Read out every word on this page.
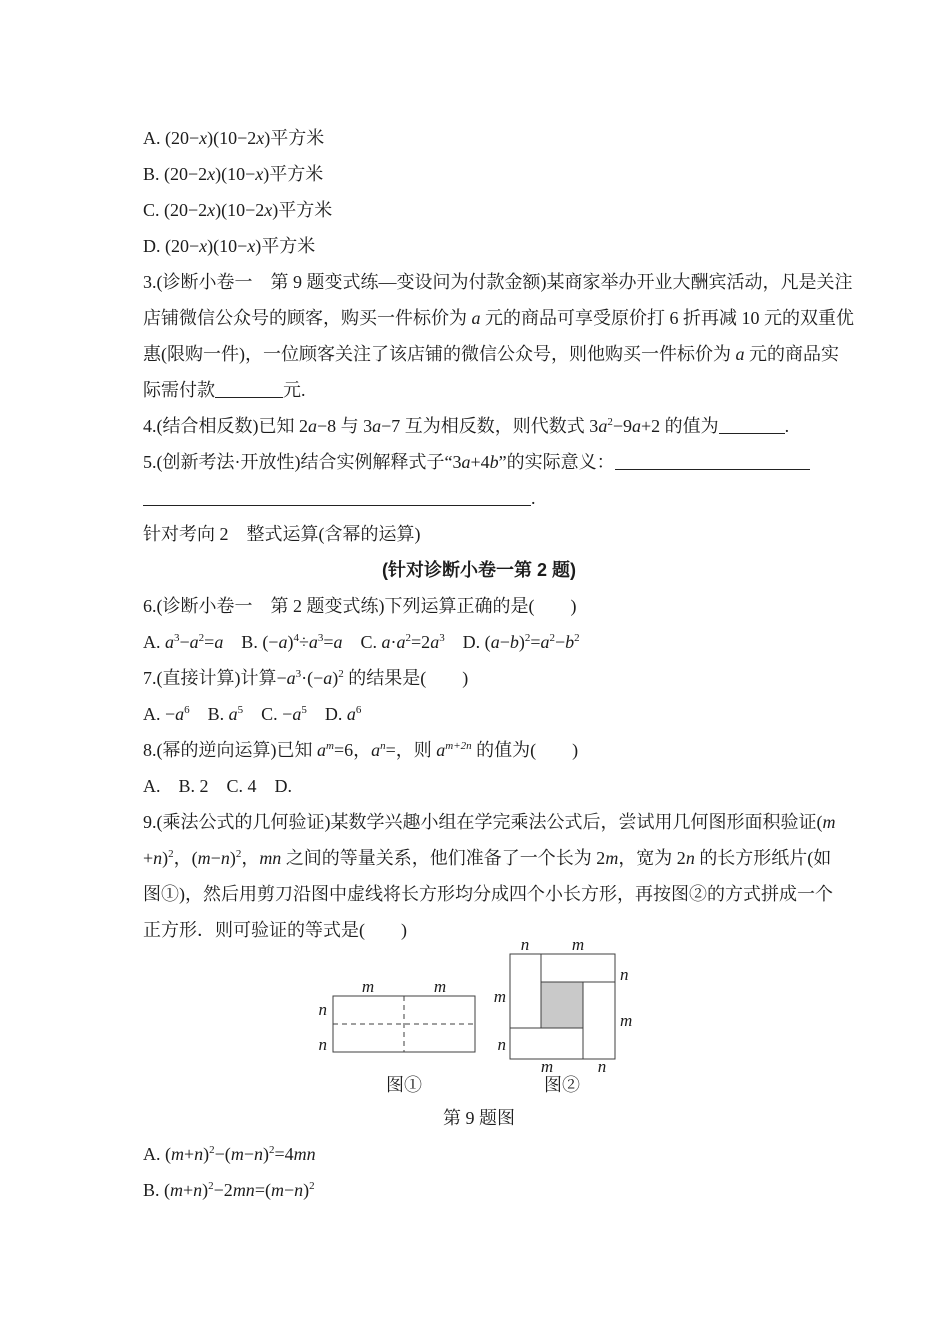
A. (20−x)(10−2x)平方米
B. (20−2x)(10−x)平方米
C. (20−2x)(10−2x)平方米
D. (20−x)(10−x)平方米
3.(诊断小卷一　第 9 题变式练—变设问为付款金额)某商家举办开业大酬宾活动，凡是关注
店铺微信公众号的顾客，购买一件标价为 a 元的商品可享受原价打 6 折再减 10 元的双重优
惠(限购一件)，一位顾客关注了该店铺的微信公众号，则他购买一件标价为 a 元的商品实
际需付款	元.
4.(结合相反数)已知 2a−8 与 3a−7 互为相反数，则代数式 $3a^2-9a+2$ 的值为	.
5.(创新考法·开放性)结合实例解释式子“3a+4b”的实际意义：
.
针对考向 2　整式运算(含幂的运算)
(针对诊断小卷一第 2 题)
6.(诊断小卷一　第 2 题变式练)下列运算正确的是(　　)
A. $a^3-a^2=a$　B. $(-a)^4\div a^3=a$　C. $a\cdot a^2=2a^3$　D. $(a-b)^2=a^2-b^2$
7.(直接计算)计算$-a^3\cdot(-a)^2$ 的结果是(　　)
A. $-a^6$　B. $a^5$　C. $-a^5$　D. $a^6$
8.(幂的逆向运算)已知 $a^m=6$，$a^n=$，则 $a^{m+2n}$ 的值为(　　)
A.　B. 2　C. 4　D.
9.(乘法公式的几何验证)某数学兴趣小组在学完乘法公式后，尝试用几何图形面积验证(m
+n)$^2$，$(m-n)^2$，mn 之间的等量关系，他们准备了一个长为 2m，宽为 2n 的长方形纸片(如
图①)，然后用剪刀沿图中虚线将长方形均分成四个小长方形，再按图②的方式拼成一个
正方形．则可验证的等式是(　　)
m	m
n
n
图①
n	m
n
m
m
n
m	n
图②
第 9 题图
A. $(m+n)^2-(m-n)^2=4mn$
B. $(m+n)^2-2mn=(m-n)^2$
